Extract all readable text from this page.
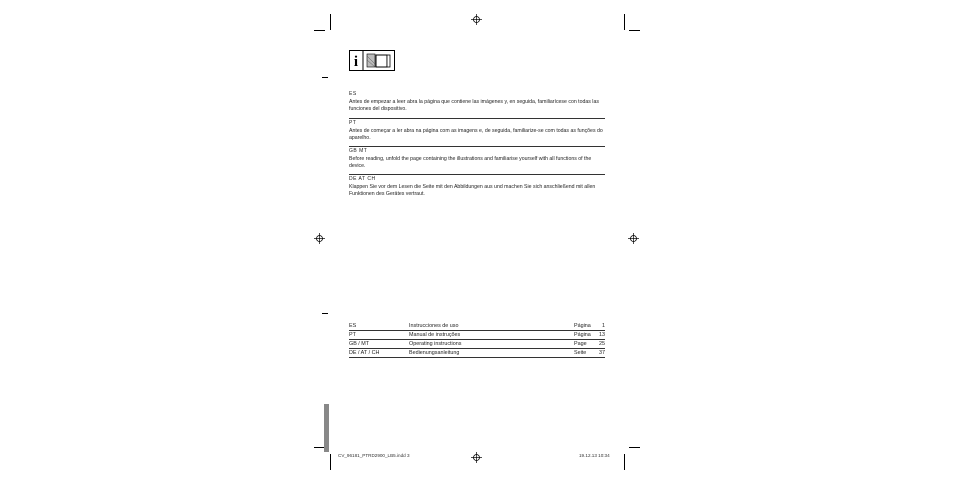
i
ES
Antes de empezar a leer abra la página que contiene las imágenes y, en seguida, familiarícese con todas las funciones del dispositivo.
PT
Antes de começar a ler abra na página com as imagens e, de seguida, familiarize-se com todas as funções do aparelho.
GB MT
Before reading, unfold the page containing the illustrations and familiarise yourself with all functions of the device.
DE AT CH
Klappen Sie vor dem Lesen die Seite mit den Abbildungen aus und machen Sie sich anschließend mit allen Funktionen des Gerätes vertraut.
ES	Instrucciones de uso	Página	1
PT	Manual de instruções	Página	13
GB / MT	Operating instructions	Page	25
DE / AT / CH	Bedienungsanleitung	Seite	37
CV_96181_PTRD2900_LB5.indd 3	19.12.13 10:34
